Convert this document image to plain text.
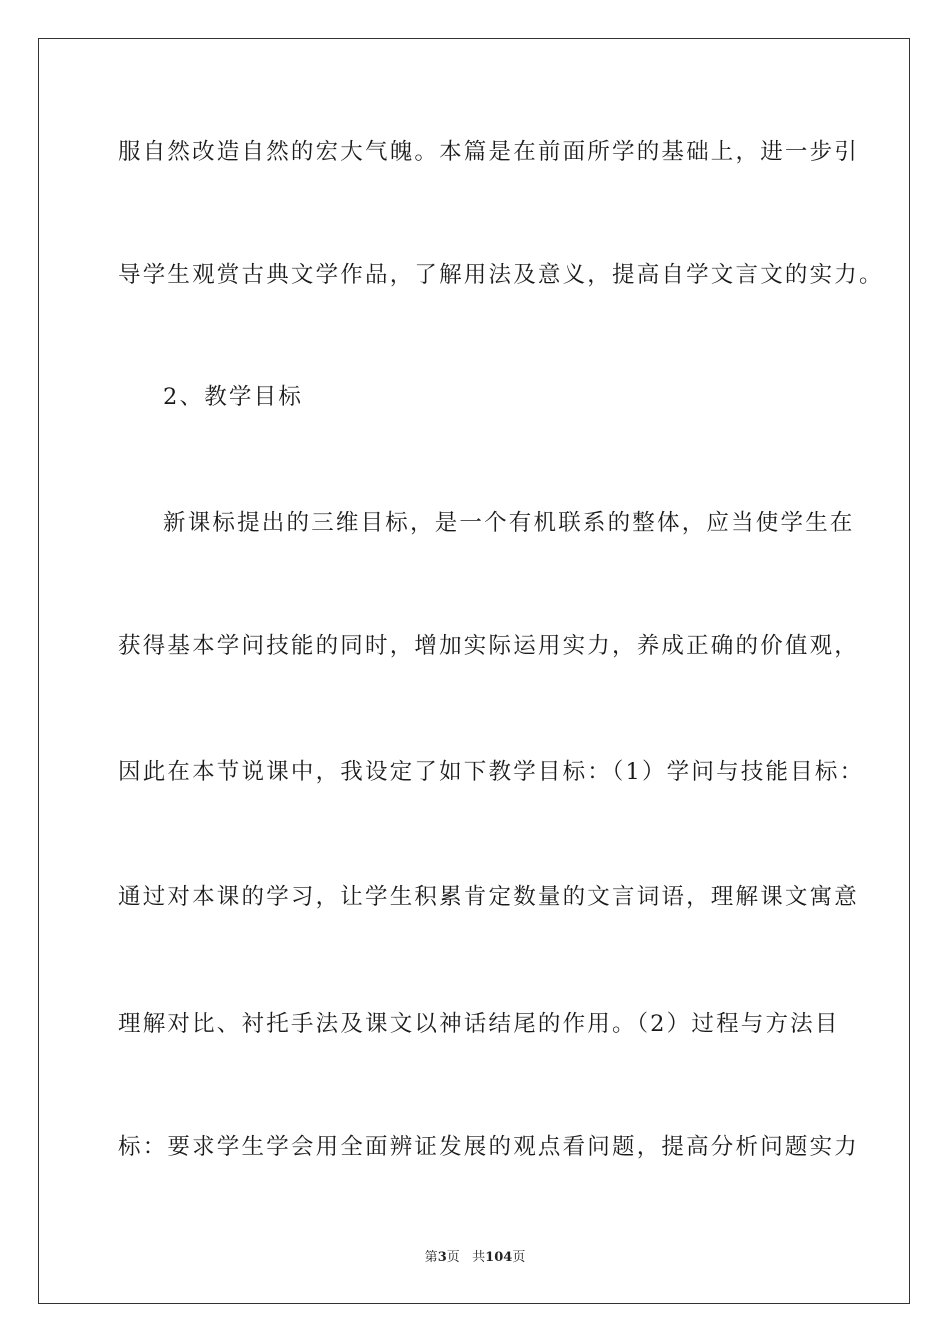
服自然改造自然的宏大气魄。本篇是在前面所学的基础上，进一步引
导学生观赏古典文学作品，了解用法及意义，提高自学文言文的实力。
2、教学目标
新课标提出的三维目标，是一个有机联系的整体，应当使学生在
获得基本学问技能的同时，增加实际运用实力，养成正确的价值观，
因此在本节说课中，我设定了如下教学目标：（1）学问与技能目标：
通过对本课的学习，让学生积累肯定数量的文言词语，理解课文寓意
理解对比、衬托手法及课文以神话结尾的作用。（2）过程与方法目
标：要求学生学会用全面辨证发展的观点看问题，提高分析问题实力
第3页 共104页
